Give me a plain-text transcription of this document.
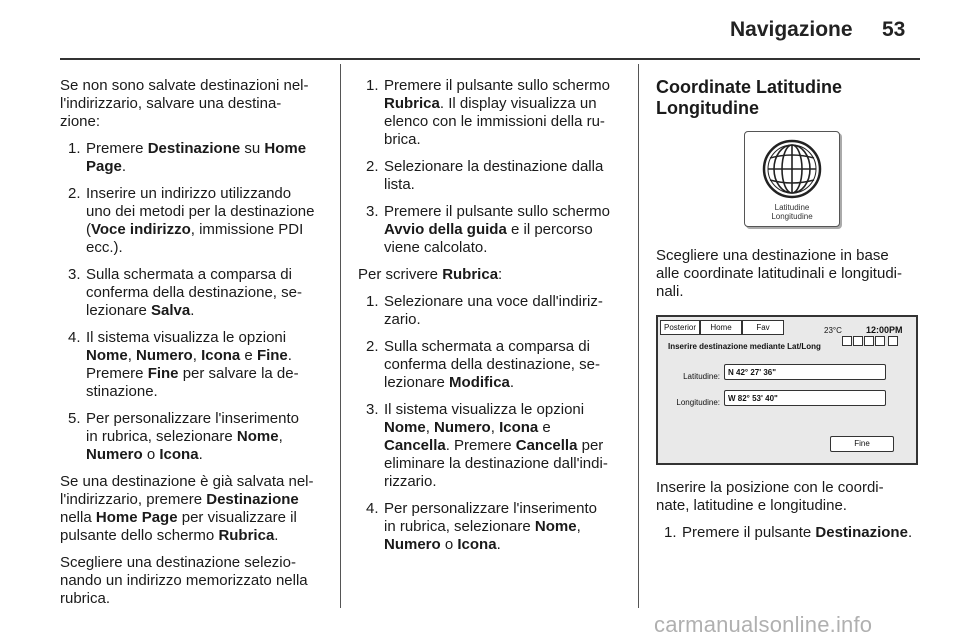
Navigazione 53

Se non sono salvate destinazioni nel-
l'indirizzario, salvare una destina-
zione:

1. Premere Destinazione su Home
Page.
2. Inserire un indirizzo utilizzando
uno dei metodi per la destinazione
(Voce indirizzo, immissione PDI
ecc.).
3. Sulla schermata a comparsa di
conferma della destinazione, se-
lezionare Salva.
4. Il sistema visualizza le opzioni
Nome, Numero, Icona e Fine.
Premere Fine per salvare la de-
stinazione.
5. Per personalizzare l'inserimento
in rubrica, selezionare Nome,
Numero o Icona.

Se una destinazione è già salvata nel-
l'indirizzario, premere Destinazione
nella Home Page per visualizzare il
pulsante dello schermo Rubrica.

Scegliere una destinazione selezio-
nando un indirizzo memorizzato nella
rubrica.

1. Premere il pulsante sullo schermo
Rubrica. Il display visualizza un
elenco con le immissioni della ru-
brica.
2. Selezionare la destinazione dalla
lista.
3. Premere il pulsante sullo schermo
Avvio della guida e il percorso
viene calcolato.

Per scrivere Rubrica:

1. Selezionare una voce dall'indiriz-
zario.
2. Sulla schermata a comparsa di
conferma della destinazione, se-
lezionare Modifica.
3. Il sistema visualizza le opzioni
Nome, Numero, Icona e
Cancella. Premere Cancella per
eliminare la destinazione dall'indi-
rizzario.
4. Per personalizzare l'inserimento
in rubrica, selezionare Nome,
Numero o Icona.
Coordinate Latitudine
Longitudine
Latitudine
Longitudine

Scegliere una destinazione in base
alle coordinate latitudinali e longitudi-
nali.

Posterior	Home	Fav	23°C	12:00PM
Inserire destinazione mediante Lat/Long
Latitudine:	N 42° 27' 36"
Longitudine:	W 82° 53' 40"
Fine

Inserire la posizione con le coordi-
nate, latitudine e longitudine.

1. Premere il pulsante Destinazione.
carmanualsonline.info
